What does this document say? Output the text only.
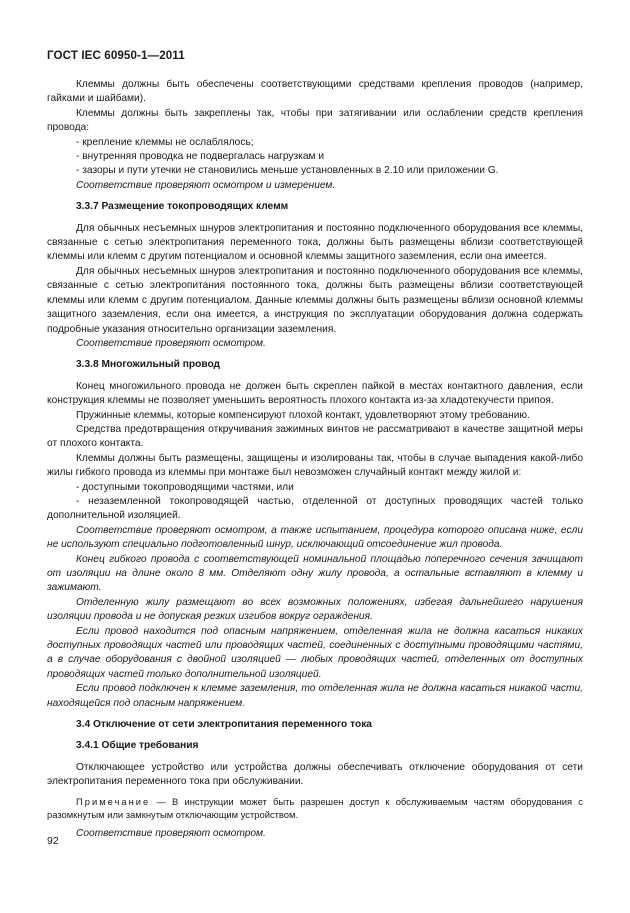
ГОСТ IEC 60950-1—2011

Клеммы должны быть обеспечены соответствующими средствами крепления проводов (например, гайками и шайбами).

Клеммы должны быть закреплены так, чтобы при затягивании или ослаблении средств крепления провода:

- крепление клеммы не ослаблялось;

- внутренняя проводка не подвергалась нагрузкам и

- зазоры и пути утечки не становились меньше установленных в 2.10 или приложении G.

Соответствие проверяют осмотром и измерением.

3.3.7 Размещение токопроводящих клемм

Для обычных несъемных шнуров электропитания и постоянно подключенного оборудования все клеммы, связанные с сетью электропитания переменного тока, должны быть размещены вблизи соответствующей клеммы или клемм с другим потенциалом и основной клеммы защитного заземления, если она имеется.

Для обычных несъемных шнуров электропитания и постоянно подключенного оборудования все клеммы, связанные с сетью электропитания постоянного тока, должны быть размещены вблизи соответствующей клеммы или клемм с другим потенциалом. Данные клеммы должны быть размещены вблизи основной клеммы защитного заземления, если она имеется, а инструкция по эксплуатации оборудования должна содержать подробные указания относительно организации заземления.

Соответствие проверяют осмотром.

3.3.8 Многожильный провод

Конец многожильного провода не должен быть скреплен пайкой в местах контактного давления, если конструкция клеммы не позволяет уменьшить вероятность плохого контакта из-за хладотекучести припоя.

Пружинные клеммы, которые компенсируют плохой контакт, удовлетворяют этому требованию.

Средства предотвращения откручивания зажимных винтов не рассматривают в качестве защитной меры от плохого контакта.

Клеммы должны быть размещены, защищены и изолированы так, чтобы в случае выпадения какой-либо жилы гибкого провода из клеммы при монтаже был невозможен случайный контакт между жилой и:

- доступными токопроводящими частями, или

- незаземленной токопроводящей частью, отделенной от доступных проводящих частей только дополнительной изоляцией.

Соответствие проверяют осмотром, а также испытанием, процедура которого описана ниже, если не используют специально подготовленный шнур, исключающий отсоединение жил провода.

Конец гибкого провода с соответствующей номинальной площадью поперечного сечения зачищают от изоляции на длине около 8 мм. Отделяют одну жилу провода, а остальные вставляют в клемму и зажимают.

Отделенную жилу размещают во всех возможных положениях, избегая дальнейшего нарушения изоляции провода и не допуская резких изгибов вокруг ограждения.

Если провод находится под опасным напряжением, отделенная жила не должна касаться никаких доступных проводящих частей или проводящих частей, соединенных с доступными проводящими частями, а в случае оборудования с двойной изоляцией — любых проводящих частей, отделенных от доступных проводящих частей только дополнительной изоляцией.

Если провод подключен к клемме заземления, то отделенная жила не должна касаться никакой части, находящейся под опасным напряжением.

3.4 Отключение от сети электропитания переменного тока

3.4.1 Общие требования

Отключающее устройство или устройства должны обеспечивать отключение оборудования от сети электропитания переменного тока при обслуживании.

Примечание — В инструкции может быть разрешен доступ к обслуживаемым частям оборудования с разомкнутым или замкнутым отключающим устройством.

Соответствие проверяют осмотром.

92
